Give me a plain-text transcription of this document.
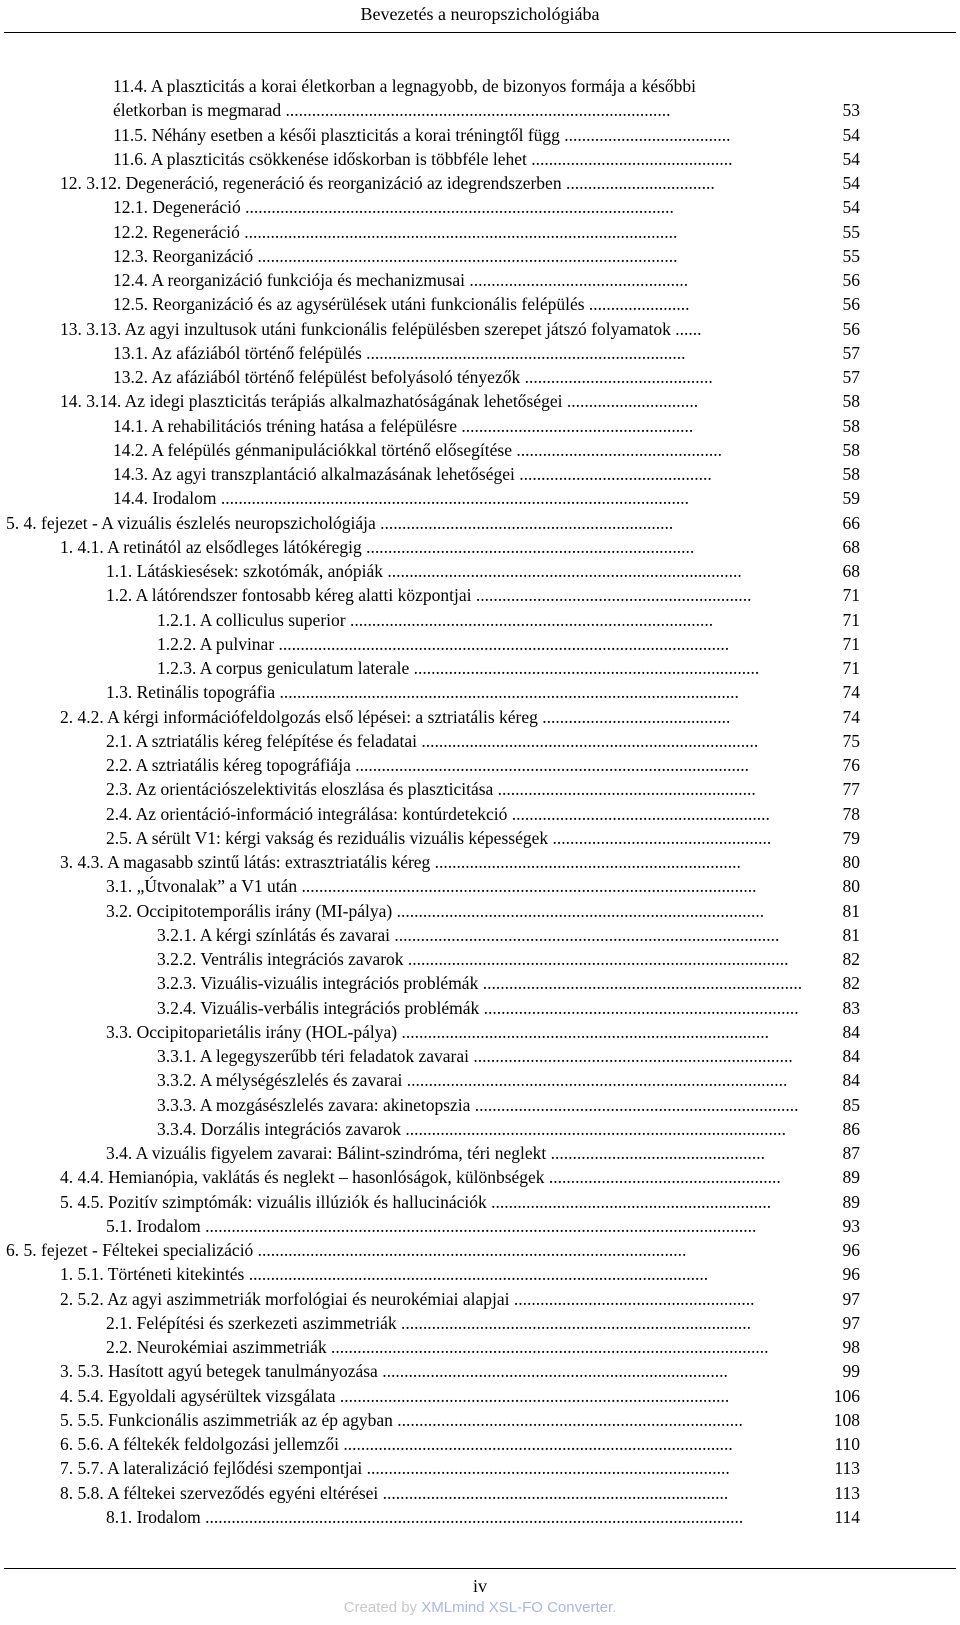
Bevezetés a neuropszichológiába
11.4. A plaszticitás a korai életkorban a legnagyobb, de bizonyos formája a későbbi
életkorban is megmarad ........................................................................................	53
11.5. Néhány esetben a késői plaszticitás a korai tréningtől függ ......................................	54
11.6. A plaszticitás csökkenése időskorban is többféle lehet ..............................................	54
12. 3.12. Degeneráció, regeneráció és reorganizáció az idegrendszerben ..................................	54
12.1. Degeneráció ..................................................................................................	54
12.2. Regeneráció ...................................................................................................	55
12.3. Reorganizáció ................................................................................................	55
12.4. A reorganizáció funkciója és mechanizmusai ..................................................	56
12.5. Reorganizáció és az agysérülések utáni funkcionális felépülés .......................	56
13. 3.13. Az agyi inzultusok utáni funkcionális felépülésben szerepet játszó folyamatok ......	56
13.1. Az afáziából történő felépülés .........................................................................	57
13.2. Az afáziából történő felépülést befolyásoló tényezők ...........................................	57
14. 3.14. Az idegi plaszticitás terápiás alkalmazhatóságának lehetőségei ..............................	58
14.1. A rehabilitációs tréning hatása a felépülésre .....................................................	58
14.2. A felépülés génmanipulációkkal történő elősegítése ...............................................	58
14.3. Az agyi transzplantáció alkalmazásának lehetőségei ............................................	58
14.4. Irodalom ...........................................................................................................	59
5. 4. fejezet - A vizuális észlelés neuropszichológiája ...................................................................	66
1. 4.1. A retinától az elsődleges látókéregig ...........................................................................	68
1.1. Látáskiesések: szkotómák, anópiák .................................................................................	68
1.2. A látórendszer fontosabb kéreg alatti központjai ...............................................................	71
1.2.1. A colliculus superior ...................................................................................	71
1.2.2. A pulvinar .......................................................................................................	71
1.2.3. A corpus geniculatum laterale ...............................................................................	71
1.3. Retinális topográfia .........................................................................................................	74
2. 4.2. A kérgi információfeldolgozás első lépései: a sztriatális kéreg ...........................................	74
2.1. A sztriatális kéreg felépítése és feladatai .............................................................................	75
2.2. A sztriatális kéreg topográfiája ..........................................................................................	76
2.3. Az orientációszelektivitás eloszlása és plaszticitása ...........................................................	77
2.4. Az orientáció-információ integrálása: kontúrdetekció ...........................................................	78
2.5. A sérült V1: kérgi vakság és reziduális vizuális képességek ..................................................	79
3. 4.3. A magasabb szintű látás: extrasztriatális kéreg ......................................................................	80
3.1. „Útvonalak” a V1 után ........................................................................................................	80
3.2. Occipitotemporális irány (MI-pálya) ....................................................................................	81
3.2.1. A kérgi színlátás és zavarai ........................................................................................	81
3.2.2. Ventrális integrációs zavarok .......................................................................................	82
3.2.3. Vizuális-vizuális integrációs problémák ......................................................................... 82
3.2.4. Vizuális-verbális integrációs problémák ........................................................................	83
3.3. Occipitoparietális irány (HOL-pálya) ....................................................................................	84
3.3.1. A legegyszerűbb téri feladatok zavarai .........................................................................	84
3.3.2. A mélységészlelés és zavarai .......................................................................................	84
3.3.3. A mozgásészlelés zavara: akinetopszia ..........................................................................	85
3.3.4. Dorzális integrációs zavarok .......................................................................................	86
3.4. A vizuális figyelem zavarai: Bálint-szindróma, téri neglekt .................................................	87
4. 4.4. Hemianópia, vaklátás és neglekt – hasonlóságok, különbségek .....................................................	89
5. 4.5. Pozitív szimptómák: vizuális illúziók és hallucinációk ................................................................	89
5.1. Irodalom ..............................................................................................................................	93
6. 5. fejezet - Féltekei specializáció ..................................................................................................	96
1. 5.1. Történeti kitekintés .........................................................................................................	96
2. 5.2. Az agyi aszimmetriák morfológiai és neurokémiai alapjai .......................................................	97
2.1. Felépítési és szerkezeti aszimmetriák ................................................................................	97
2.2. Neurokémiai aszimmetriák ....................................................................................................	98
3. 5.3. Hasított agyú betegek tanulmányozása ...............................................................................	99
4. 5.4. Egyoldali agysérültek vizsgálata .........................................................................................	106
5. 5.5. Funkcionális aszimmetriák az ép agyban ...............................................................................	108
6. 5.6. A féltekék feldolgozási jellemzői .........................................................................................	110
7. 5.7. A lateralizáció fejlődési szempontjai ...................................................................................	113
8. 5.8. A féltekei szerveződés egyéni eltérései ...............................................................................	113
8.1. Irodalom ...........................................................................................................................	114
iv
Created by XMLmind XSL-FO Converter.
